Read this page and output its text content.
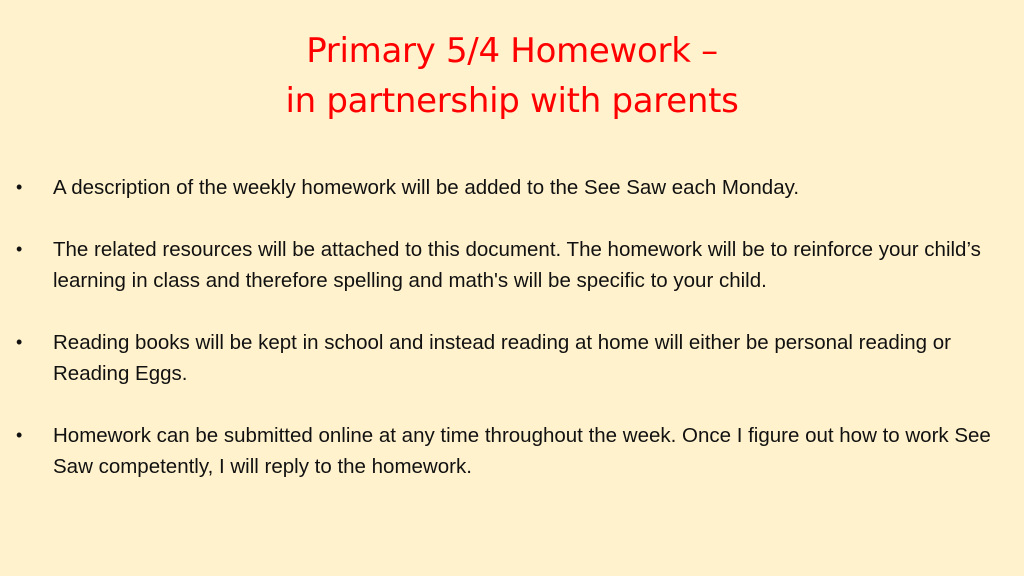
Primary 5/4 Homework –
in partnership with parents
• A description of the weekly homework will be added to the See Saw each Monday.
• The related resources will be attached to this document. The homework will be to reinforce your child’s learning in class and therefore spelling and math's will be specific to your child.
• Reading books will be kept in school and instead reading at home will either be personal reading or Reading Eggs.
• Homework can be submitted online at any time throughout the week. Once I figure out how to work See Saw competently, I will reply to the homework.
